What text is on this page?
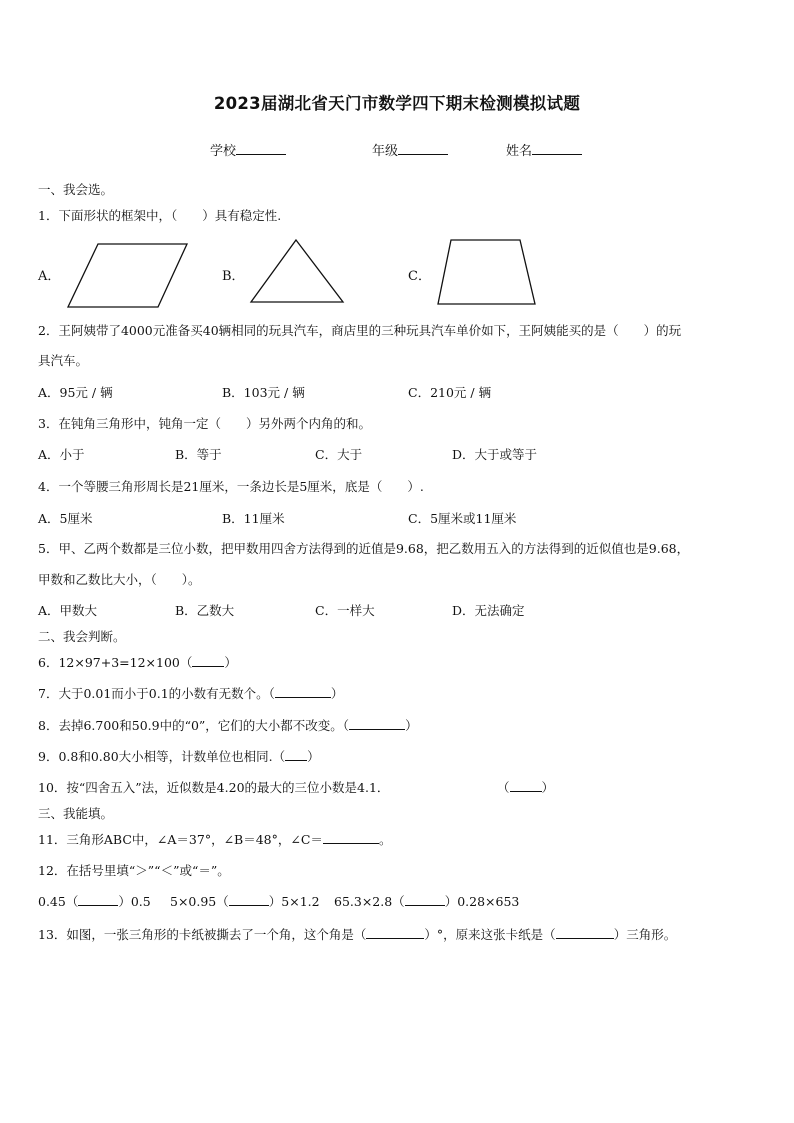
2023届湖北省天门市数学四下期末检测模拟试题
学校	年级	姓名
一、我会选。
1．下面形状的框架中，（　　）具有稳定性.
A．	B．	C．
2．王阿姨带了4000元准备买40辆相同的玩具汽车，商店里的三种玩具汽车单价如下，王阿姨能买的是（　　）的玩
具汽车。
A．95元 / 辆	B．103元 / 辆	C．210元 / 辆
3．在钝角三角形中，钝角一定（　　）另外两个内角的和。
A．小于	B．等于	C．大于	D．大于或等于
4．一个等腰三角形周长是21厘米，一条边长是5厘米，底是（　　）.
A．5厘米	B．11厘米	C．5厘米或11厘米
5．甲、乙两个数都是三位小数，把甲数用四舍方法得到的近值是9.68，把乙数用五入的方法得到的近似值也是9.68，
甲数和乙数比大小，（　　）。
A．甲数大	B．乙数大	C．一样大	D．无法确定
二、我会判断。
6．12×97+3=12×100（	）
7．大于0.01而小于0.1的小数有无数个。（	）
8．去掉6.700和50.9中的“0”，它们的大小都不改变。（	）
9．0.8和0.80大小相等，计数单位也相同.（ ）
10．按“四舍五入”法，近似数是4.20的最大的三位小数是4.1．	（	）
三、我能填。
11．三角形ABC中，∠A＝37°，∠B＝48°，∠C＝	。
12．在括号里填“＞”“＜”或“＝”。
0.45（	）0.5 5×0.95（	）5×1.2 65.3×2.8（	）0.28×653
13．如图，一张三角形的卡纸被撕去了一个角，这个角是（	）°，原来这张卡纸是（	）三角形。
